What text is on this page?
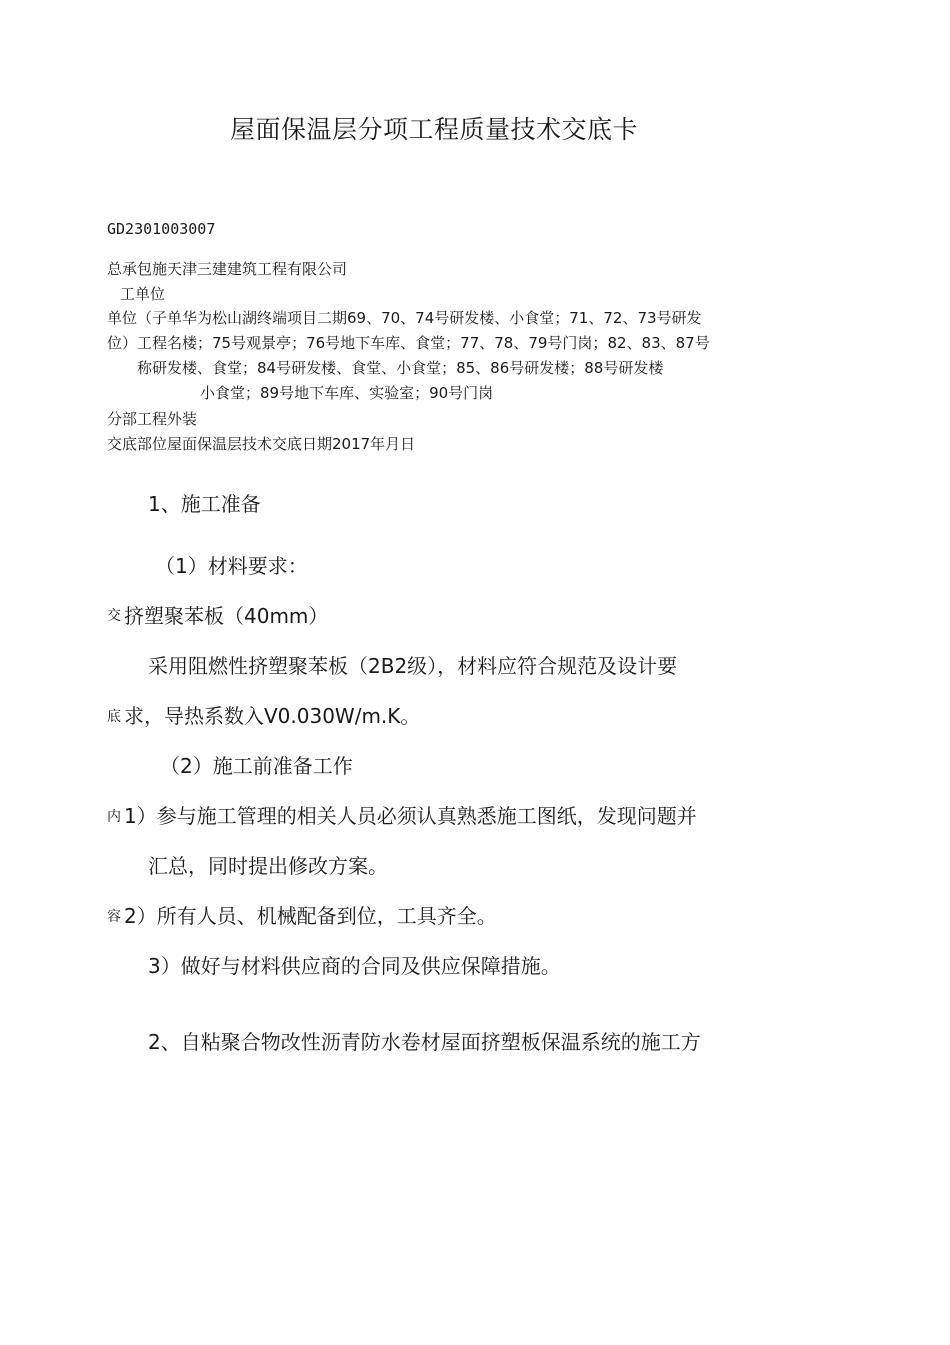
屋面保温层分项工程质量技术交底卡
GD2301003007
总承包施天津三建建筑工程有限公司
工单位
单位（子单华为松山湖终端项目二期69、70、74号研发楼、小食堂；71、72、73号研发
位）工程名楼；75号观景亭；76号地下车库、食堂；77、78、79号门岗；82、83、87号
称研发楼、食堂；84号研发楼、食堂、小食堂；85、86号研发楼；88号研发楼
小食堂；89号地下车库、实验室；90号门岗
分部工程外装
交底部位屋面保温层技术交底日期2017年月日
1、施工准备
（1）材料要求：
交 挤塑聚苯板（40mm）
采用阻燃性挤塑聚苯板（2B2级），材料应符合规范及设计要
底 求，导热系数入V0.030W/m.K。
（2）施工前准备工作
内 1）参与施工管理的相关人员必须认真熟悉施工图纸，发现问题并
汇总，同时提出修改方案。
容 2）所有人员、机械配备到位，工具齐全。
3）做好与材料供应商的合同及供应保障措施。
2、自粘聚合物改性沥青防水卷材屋面挤塑板保温系统的施工方
